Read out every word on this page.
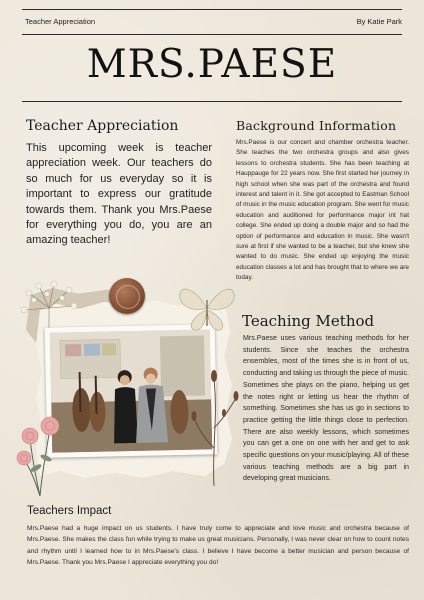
Teacher Appreciation	By Katie Park
MRS.PAESE
Teacher Appreciation
This upcoming week is teacher appreciation week. Our teachers do so much for us everyday so it is important to express our gratitude towards them. Thank you Mrs.Paese for everything you do, you are an amazing teacher!
Background Information
Mrs.Paese is our concert and chamber orchestra teacher. She teaches the two orchestra groups and also gives lessons to orchestra students. She has been teaching at Hauppauge for 22 years now. She first started her journey in high school when she was part of the orchestra and found interest and talent in it. She got accepted to Eastman School of music in the music education program. She went for music education and auditioned for performance major int hat college. She ended up doing a double major and so had the option of performance and education in music. She wasn't sure at first if she wanted to be a teacher, but she knew she wanted to do music. She ended up enjoying the music education classes a lot and has brought that to where we are today.
Teaching Method
Mrs.Paese uses various teaching methods for her students. Since she teaches the orchestra ensembles, most of the times she is in front of us, conducting and taking us through the piece of music. Sometimes she plays on the piano, helping us get the notes right or letting us hear the rhythm of something. Sometimes she has us go in sections to practice getting the little things close to perfection. There are also weekly lessons, which sometimes you can get a one on one with her and get to ask specific questions on your music/playing. All of these various teaching methods are a big part in developing great musicians.
Teachers Impact
Mrs.Paese had a huge impact on us students. I have truly come to appreciate and love music and orchestra because of Mrs.Paese. She makes the class fun while trying to make us great musicians. Personally, I was never clear on how to count notes and rhythm until I learned how to in Mrs.Paese's class. I believe I have become a better musician and person because of Mrs.Paese. Thank you Mrs.Paese I appreciate everything you do!
